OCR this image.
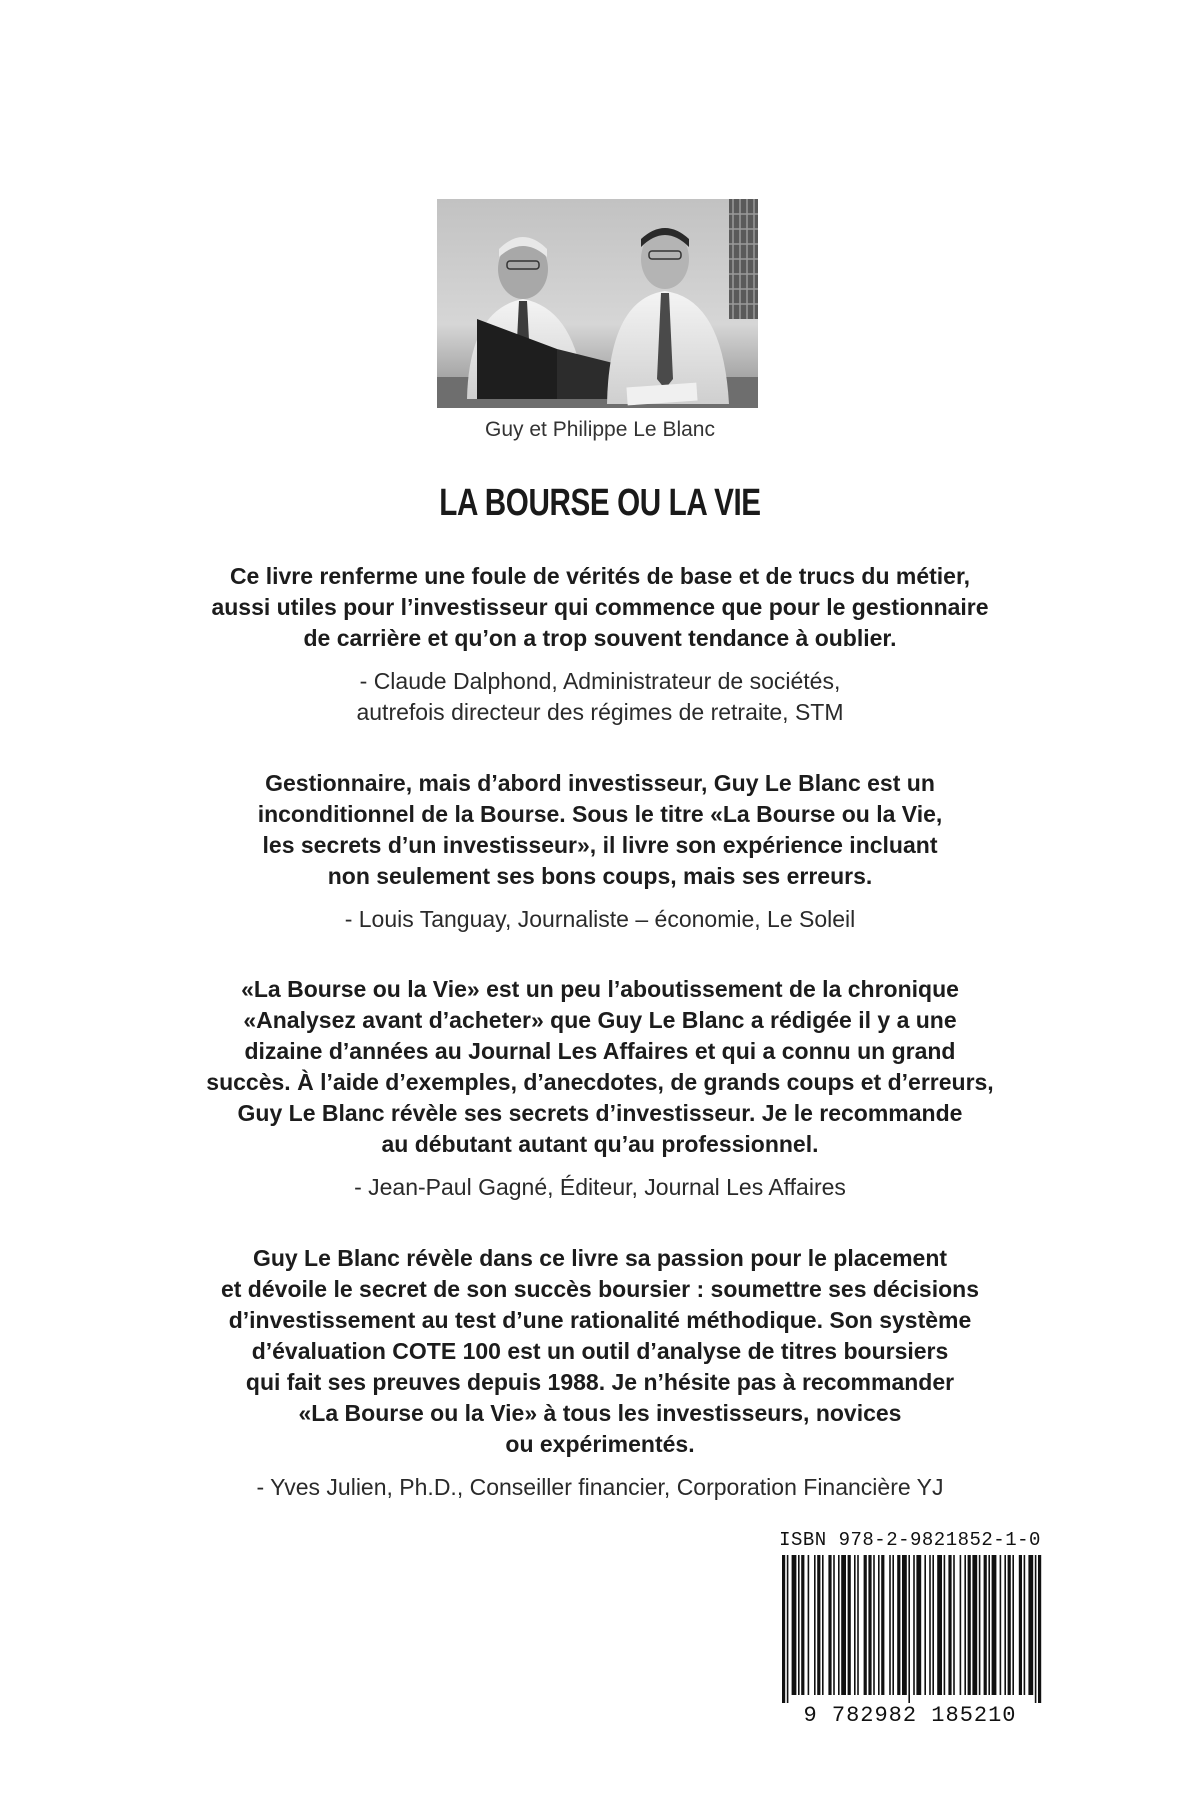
Guy et Philippe Le Blanc
LA BOURSE OU LA VIE
Ce livre renferme une foule de vérités de base et de trucs du métier,
aussi utiles pour l’investisseur qui commence que pour le gestionnaire
de carrière et qu’on a trop souvent tendance à oublier.
- Claude Dalphond, Administrateur de sociétés,
autrefois directeur des régimes de retraite, STM
Gestionnaire, mais d’abord investisseur, Guy Le Blanc est un
inconditionnel de la Bourse. Sous le titre «La Bourse ou la Vie,
les secrets d’un investisseur», il livre son expérience incluant
non seulement ses bons coups, mais ses erreurs.
- Louis Tanguay, Journaliste – économie, Le Soleil
«La Bourse ou la Vie» est un peu l’aboutissement de la chronique
«Analysez avant d’acheter» que Guy Le Blanc a rédigée il y a une
dizaine d’années au Journal Les Affaires et qui a connu un grand
succès. À l’aide d’exemples, d’anecdotes, de grands coups et d’erreurs,
Guy Le Blanc révèle ses secrets d’investisseur. Je le recommande
au débutant autant qu’au professionnel.
- Jean-Paul Gagné, Éditeur, Journal Les Affaires
Guy Le Blanc révèle dans ce livre sa passion pour le placement
et dévoile le secret de son succès boursier : soumettre ses décisions
d’investissement au test d’une rationalité méthodique. Son système
d’évaluation COTE 100 est un outil d’analyse de titres boursiers
qui fait ses preuves depuis 1988. Je n’hésite pas à recommander
«La Bourse ou la Vie» à tous les investisseurs, novices
ou expérimentés.
- Yves Julien, Ph.D., Conseiller financier, Corporation Financière YJ
ISBN 978-2-9821852-1-0
9 782982 185210
